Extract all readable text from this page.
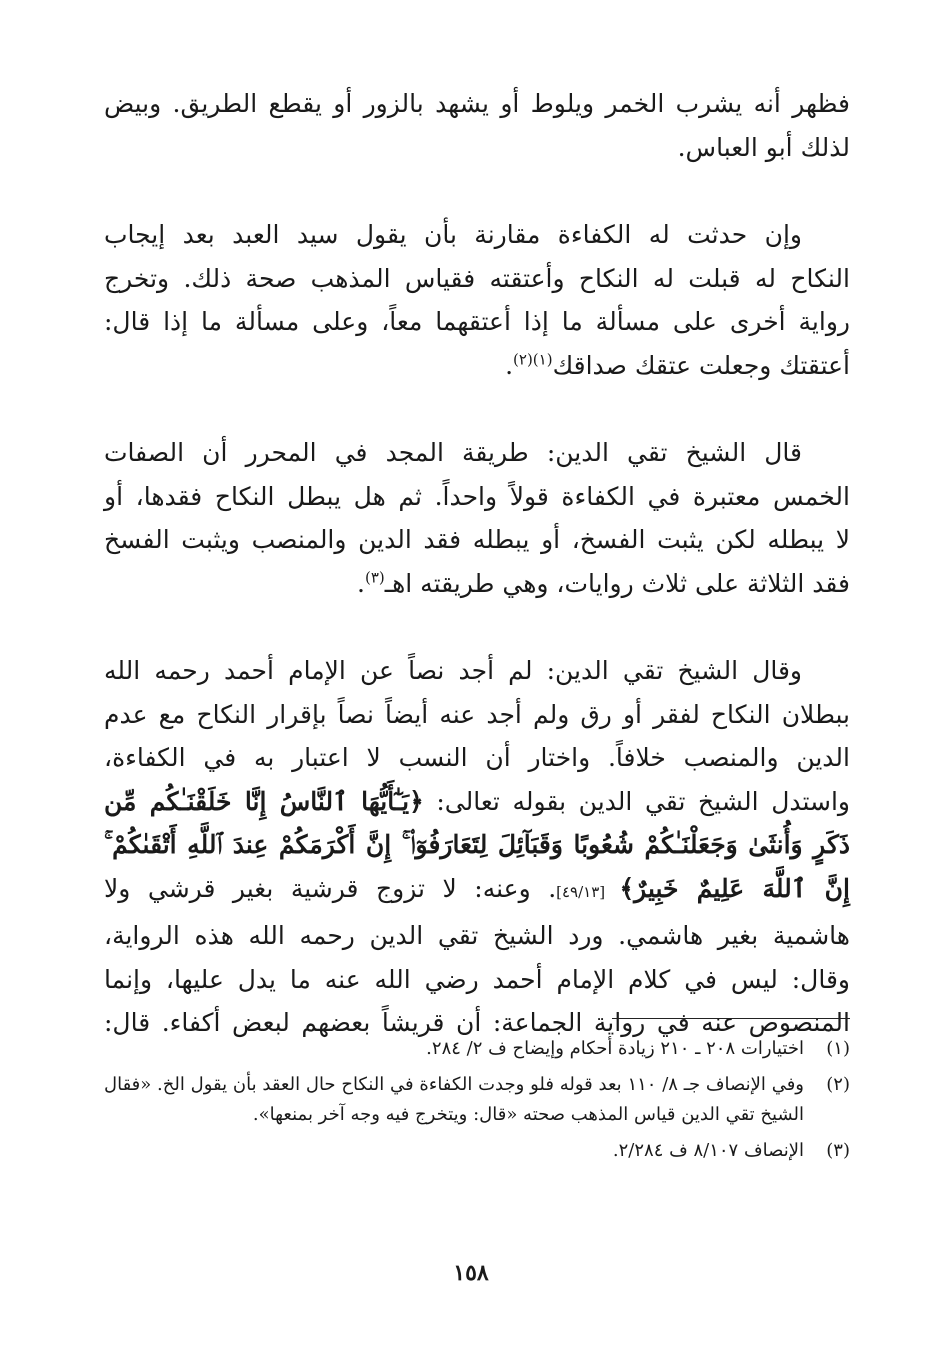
فظهر أنه يشرب الخمر ويلوط أو يشهد بالزور أو يقطع الطريق. وبيض
لذلك أبو العباس.

وإن حدثت له الكفاءة مقارنة بأن يقول سيد العبد بعد إيجاب
النكاح له قبلت له النكاح وأعتقته فقياس المذهب صحة ذلك. وتخرج
رواية أخرى على مسألة ما إذا أعتقهما معاً، وعلى مسألة ما إذا قال:
أعتقتك وجعلت عتقك صداقك$^{(١)(٢)}$.

قال الشيخ تقي الدين: طريقة المجد في المحرر أن الصفات
الخمس معتبرة في الكفاءة قولاً واحداً. ثم هل يبطل النكاح فقدها، أو
لا يبطله لكن يثبت الفسخ، أو يبطله فقد الدين والمنصب ويثبت الفسخ
فقد الثلاثة على ثلاث روايات، وهي طريقته اهـ$^{(٣)}$.

وقال الشيخ تقي الدين: لم أجد نصاً عن الإمام أحمد رحمه الله
ببطلان النكاح لفقر أو رق ولم أجد عنه أيضاً نصاً بإقرار النكاح مع عدم
الدين والمنصب خلافاً. واختار أن النسب لا اعتبار به في الكفاءة،
واستدل الشيخ تقي الدين بقوله تعالى: ﴿يَـٰٓأَيُّهَا ٱلنَّاسُ إِنَّا خَلَقْنَـٰكُم مِّن
ذَكَرٍ وَأُنثَىٰ وَجَعَلْنَـٰكُمْ شُعُوبًا وَقَبَآئِلَ لِتَعَارَفُوٓا۟ ۚ إِنَّ أَكْرَمَكُمْ عِندَ ٱللَّهِ أَتْقَىٰكُمْ ۚ
إِنَّ ٱللَّهَ عَلِيمٌ خَبِيرٌ﴾ [٤٩/١٣]. وعنه: لا تزوج قرشية بغير قرشي ولا
هاشمية بغير هاشمي. ورد الشيخ تقي الدين رحمه الله هذه الرواية،
وقال: ليس في كلام الإمام أحمد رضي الله عنه ما يدل عليها، وإنما
المنصوص عنه في رواية الجماعة: أن قريشاً بعضهم لبعض أكفاء. قال:

(١)
اختيارات ٢٠٨ ـ ٢١٠ زيادة أحكام وإيضاح ف ٢/ ٢٨٤.
(٢)
وفي الإنصاف جـ ٨/ ١١٠ بعد قوله فلو وجدت الكفاءة في النكاح حال العقد بأن يقول الخ. «فقال الشيخ تقي الدين قياس المذهب صحته «قال: ويتخرج فيه وجه آخر بمنعها».
(٣)
الإنصاف ٨/١٠٧ ف ٢/٢٨٤.
١٥٨
